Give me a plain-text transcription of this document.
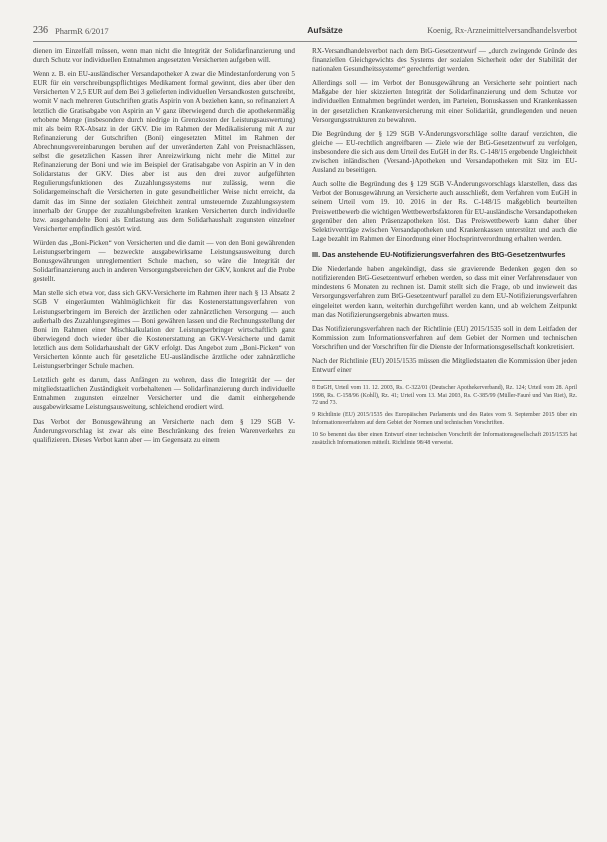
236 PharmR 6/2017	Aufsätze	Koenig, Rx-Arzneimittelversandhandelsverbot

dienen im Einzelfall müssen, wenn man nicht die Integrität der Solidarfinanzierung und durch Schutz vor individuellen Entnahmen angesetzten Versicherten aufgeben will.

Wenn z. B. ein EU-ausländischer Versandapotheker A zwar die Mindestanforderung von 5 EUR für ein verschreibungspflichtiges Medikament formal gewinnt, dies aber über den Versicherten V 2,5 EUR auf dem Bei 3 gelieferten individuellen Versandkosten gutschreibt, womit V nach mehreren Gutschriften gratis Aspirin von A beziehen kann, so refinanziert A letztlich die Gratisabgabe von Aspirin an V ganz überwiegend durch die apothekenmäßig erhobene Menge (insbesondere durch niedrige in Grenzkosten der Leistungsauswertung) mit als beim RX-Absatz in der GKV. Die im Rahmen der Medikalisierung mit A zur Refinanzierung der Gutschriften (Boni) eingesetzten Mittel im Rahmen der Abrechnungsvereinbarungen beruhen auf der unveränderten Zahl von Preisnachlässen, selbst die gesetzlichen Kassen ihrer Anreizwirkung nicht mehr die Mittel zur Refinanzierung der Boni und wie im Beispiel der Gratisabgabe von Aspirin an V in den Solidarstatus der GKV. Dies aber ist aus den drei zuvor aufgeführten Regulierungsfunktionen des Zuzahlungssystems nur zulässig, wenn die Solidargemeinschaft die Versicherten in gute gesundheitlicher Weise nicht erreicht, da damit das im Sinne der sozialen Gleichheit zentral umsteuernde Zuzahlungssystem innerhalb der Gruppe der zuzahlungsbefreiten kranken Versicherten durch individuelle bzw. ausgehandelte Boni als Entlastung aus dem Solidarhaushalt zugunsten einzelner Versicherter empfindlich gestört wird.

Würden das „Boni-Picken“ von Versicherten und die damit — von den Boni gewährenden Leistungserbringern — bezweckte ausgabewirksame Leistungsausweitung durch Bonusgewährungen unreglementiert Schule machen, so wäre die Integrität der Solidarfinanzierung auch in anderen Versorgungsbereichen der GKV, konkret auf die Probe gestellt.

Man stelle sich etwa vor, dass sich GKV-Versicherte im Rahmen ihrer nach § 13 Absatz 2 SGB V eingeräumten Wahlmöglichkeit für das Kostenerstattungsverfahren von Leistungserbringern im Bereich der ärztlichen oder zahnärztlichen Versorgung — auch außerhalb des Zuzahlungsregimes — Boni gewähren lassen und die Rechnungsstellung der Boni im Rahmen einer Mischkalkulation der Leistungserbringer wirtschaftlich ganz überwiegend doch wieder über die Kostenerstattung an GKV-Versicherte und damit letztlich aus dem Solidarhaushalt der GKV erfolgt. Das Angebot zum „Boni-Picken“ von Versicherten könnte auch für gesetzliche EU-ausländische ärztliche oder zahnärztliche Leistungserbringer Schule machen.

Letztlich geht es darum, dass Anfängen zu wehren, dass die Integrität der — der mitgliedstaatlichen Zuständigkeit vorbehaltenen — Solidarfinanzierung durch individuelle Entnahmen zugunsten einzelner Versicherter und die damit einhergehende ausgabewirksame Leistungsausweitung, schleichend erodiert wird.

Das Verbot der Bonusgewährung an Versicherte nach dem § 129 SGB V-Änderungsvorschlag ist zwar als eine Beschränkung des freien Warenverkehrs zu qualifizieren. Dieses Verbot kann aber — im Gegensatz zu einem

RX-Versandhandelsverbot nach dem BtG-Gesetzentwurf — „durch zwingende Gründe des finanziellen Gleichgewichts des Systems der sozialen Sicherheit oder der Stabilität der nationalen Gesundheitssysteme“ gerechtfertigt werden.

Allerdings soll — im Verbot der Bonusgewährung an Versicherte sehr pointiert nach Maßgabe der hier skizzierten Integrität der Solidarfinanzierung und dem Schutze vor individuellen Entnahmen begründet werden, im Parteien, Bonuskassen und Krankenkassen in der gesetzlichen Krankenversicherung mit einer Solidarität, grundlegenden und neuen Versorgungsstrukturen zu bewahren.

Die Begründung der § 129 SGB V-Änderungsvorschläge sollte darauf verzichten, die gleiche — EU-rechtlich angreifbaren — Ziele wie der BtG-Gesetzentwurf zu verfolgen, insbesondere die sich aus dem Urteil des EuGH in der Rs. C-148/15 ergebende Ungleichheit zwischen inländischen (Versand-)Apotheken und Versandapotheken mit Sitz im EU-Ausland zu beseitigen.

Auch sollte die Begründung des § 129 SGB V-Änderungsvorschlags klarstellen, dass das Verbot der Bonusgewährung an Versicherte auch ausschließt, dem Verfahren vom EuGH in seinem Urteil vom 19. 10. 2016 in der Rs. C-148/15 maßgeblich beurteilten Preiswettbewerb die wichtigen Wettbewerbsfaktoren für EU-ausländische Versandapotheken gegenüber den alten Präsenzapotheken löst. Das Preiswettbewerb kann daher über Selektivverträge zwischen Versandapotheken und Krankenkassen unterstützt und auch die Lage bezahlt im Rahmen der Einordnung einer Hochsprintverordnung erhalten werden.

III. Das anstehende EU-Notifizierungsverfahren des BtG-Gesetzentwurfes

Die Niederlande haben angekündigt, dass sie gravierende Bedenken gegen den so notifizierenden BtG-Gesetzentwurf erheben werden, so dass mit einer Verfahrensdauer von mindestens 6 Monaten zu rechnen ist. Damit stellt sich die Frage, ob und inwieweit das Versorgungsverfahren zum BtG-Gesetzentwurf parallel zu dem EU-Notifizierungsverfahren eingeleitet werden kann, weiterhin durchgeführt werden kann, und ab welchem Zeitpunkt man das Notifizierungsergebnis abwarten muss.

Das Notifizierungsverfahren nach der Richtlinie (EU) 2015/1535 soll in dem Leitfaden der Kommission zum Informationsverfahren auf dem Gebiet der Normen und technischen Vorschriften und der Vorschriften für die Dienste der Informationsgesellschaft konkretisiert.

Nach der Richtlinie (EU) 2015/1535 müssen die Mitgliedstaaten die Kommission über jeden Entwurf einer

8 EuGH, Urteil vom 11. 12. 2003, Rs. C-322/01 (Deutscher Apothekerverband), Rz. 124; Urteil vom 28. April 1998, Rs. C-158/96 (Kohll), Rz. 41; Urteil vom 13. Mai 2003, Rs. C-385/99 (Müller-Fauré und Van Riet), Rz. 72 und 73.

9 Richtlinie (EU) 2015/1535 des Europäischen Parlaments und des Rates vom 9. September 2015 über ein Informationsverfahren auf dem Gebiet der Normen und technischen Vorschriften.

10 So benennt das über einen Entwurf einer technischen Vorschrift der Informationsgesellschaft 2015/1535 hat zusätzlich Informationen mitteilt. Richtlinie 98/48 verweist.
